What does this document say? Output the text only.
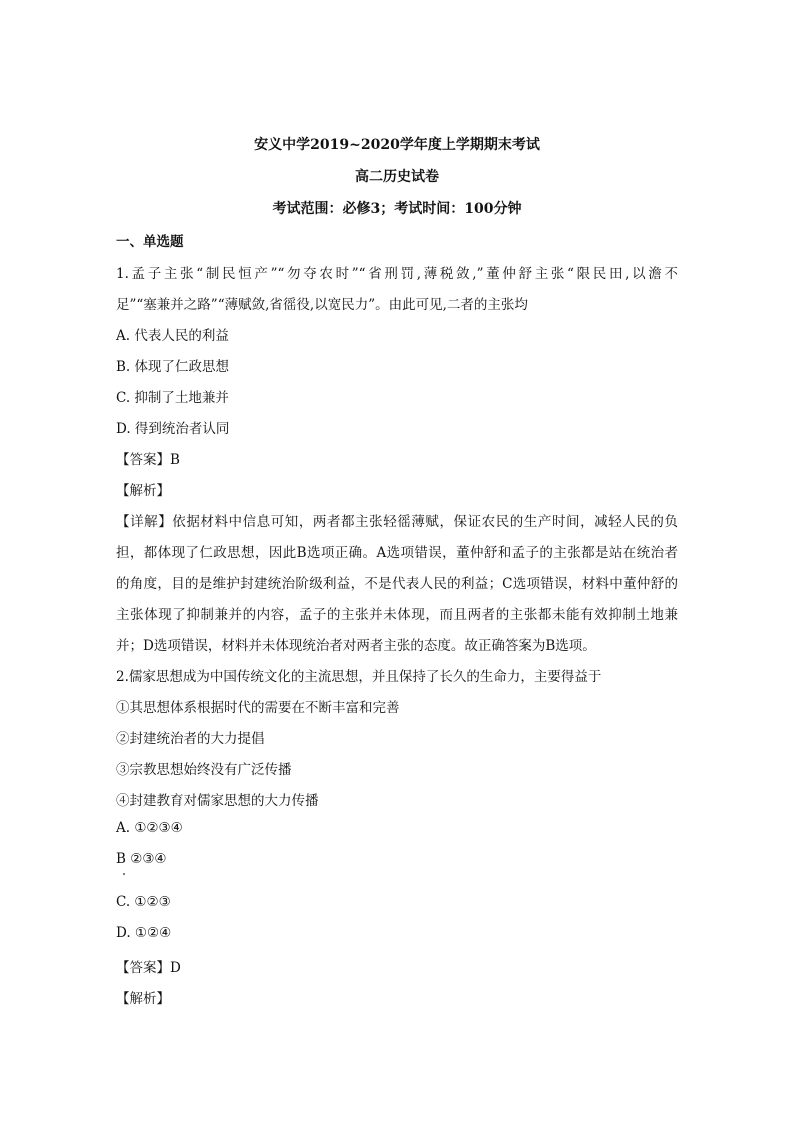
安义中学2019~2020学年度上学期期末考试
高二历史试卷
考试范围：必修3；考试时间：100分钟
一、单选题
1.孟子主张“制民恒产”“勿夺农时”“省刑罚,薄税敛,”董仲舒主张“限民田,以澹不
足”“塞兼并之路”“薄赋敛,省徭役,以宽民力”。由此可见,二者的主张均
A. 代表人民的利益
B. 体现了仁政思想
C. 抑制了土地兼并
D. 得到统治者认同
【答案】B
【解析】
【详解】依据材料中信息可知，两者都主张轻徭薄赋，保证农民的生产时间，减轻人民的负
担，都体现了仁政思想，因此B选项正确。A选项错误，董仲舒和孟子的主张都是站在统治者
的角度，目的是维护封建统治阶级利益，不是代表人民的利益；C选项错误，材料中董仲舒的
主张体现了抑制兼并的内容，孟子的主张并未体现，而且两者的主张都未能有效抑制土地兼
并；D选项错误，材料并未体现统治者对两者主张的态度。故正确答案为B选项。
2.儒家思想成为中国传统文化的主流思想，并且保持了长久的生命力，主要得益于
①其思想体系根据时代的需要在不断丰富和完善
②封建统治者的大力提倡
③宗教思想始终没有广泛传播
④封建教育对儒家思想的大力传播
A. ①②③④
B ②③④
C. ①②③
D. ①②④
【答案】D
【解析】
